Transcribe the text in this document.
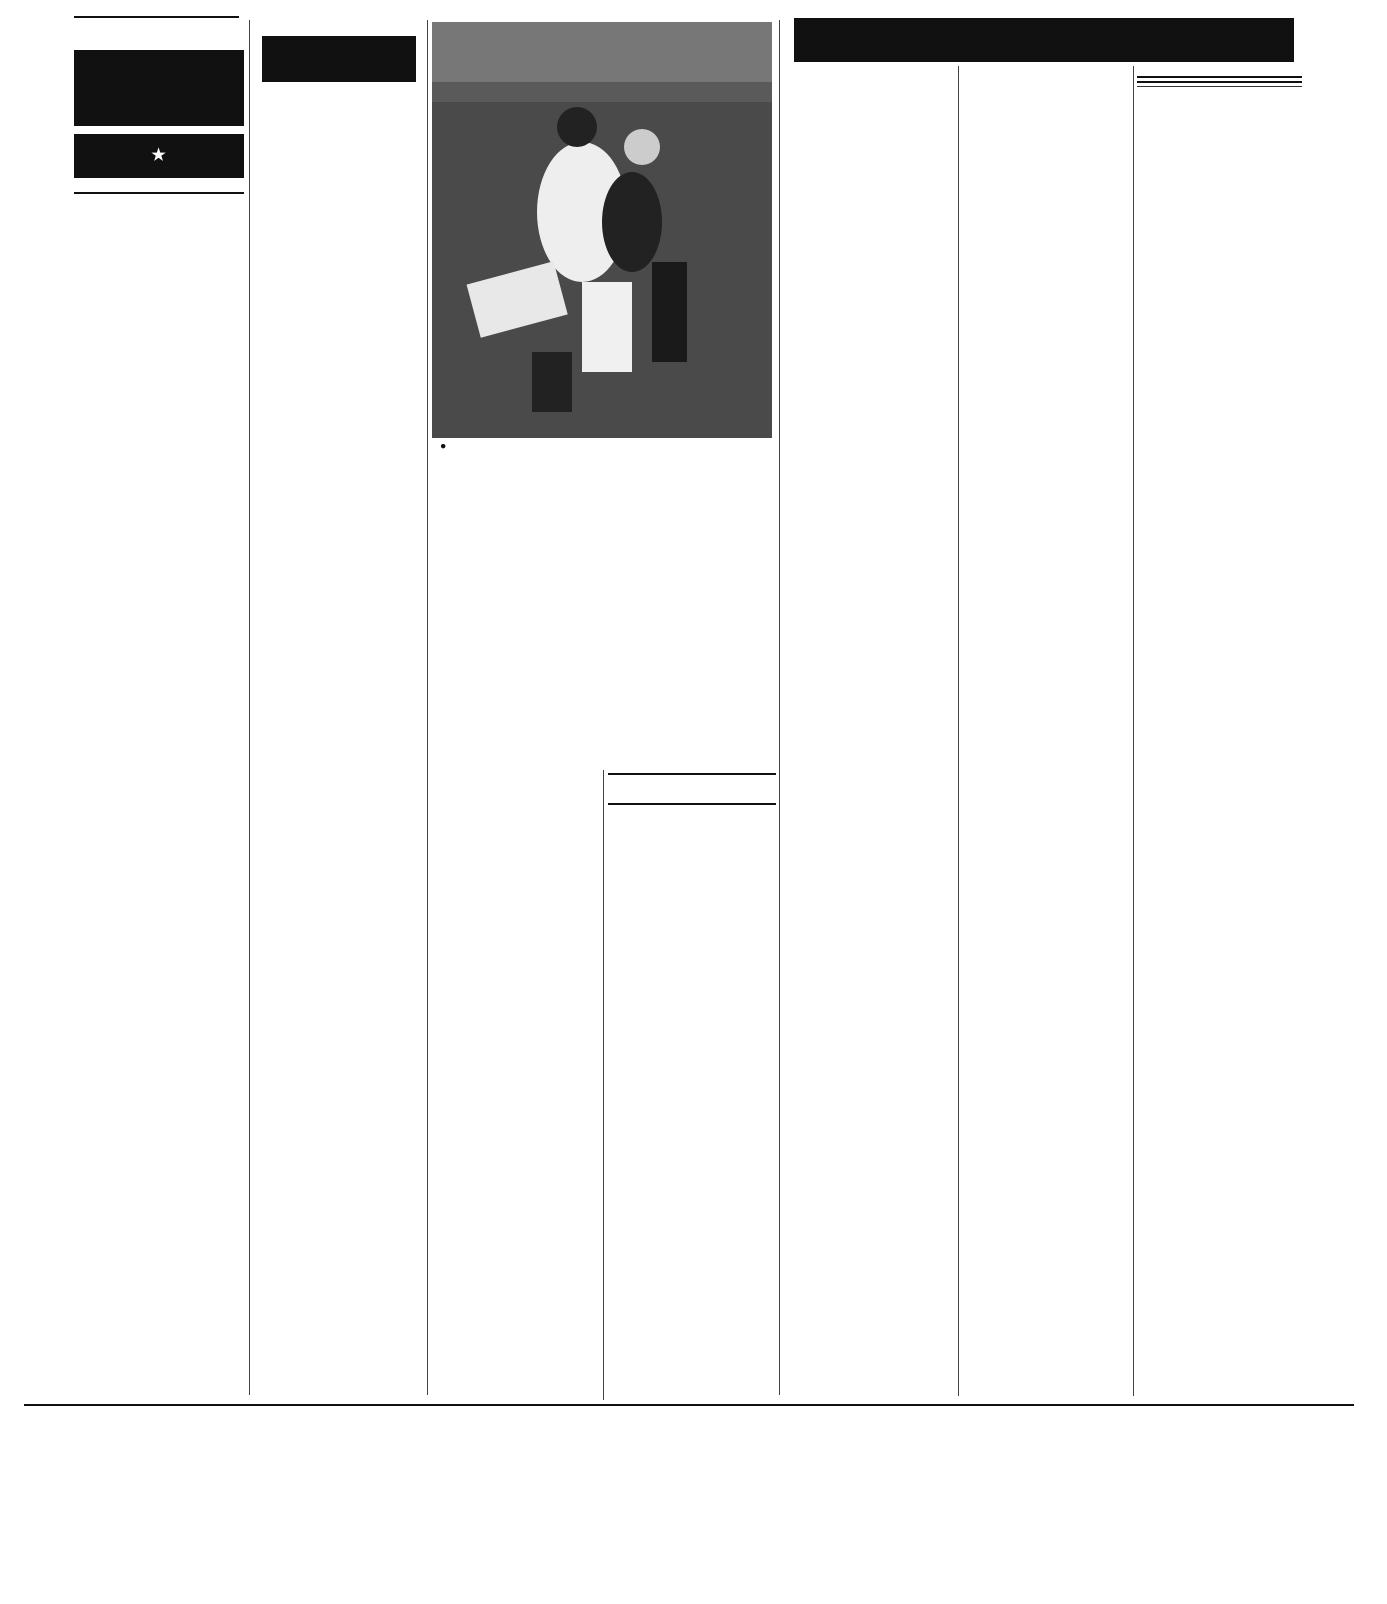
★

●
